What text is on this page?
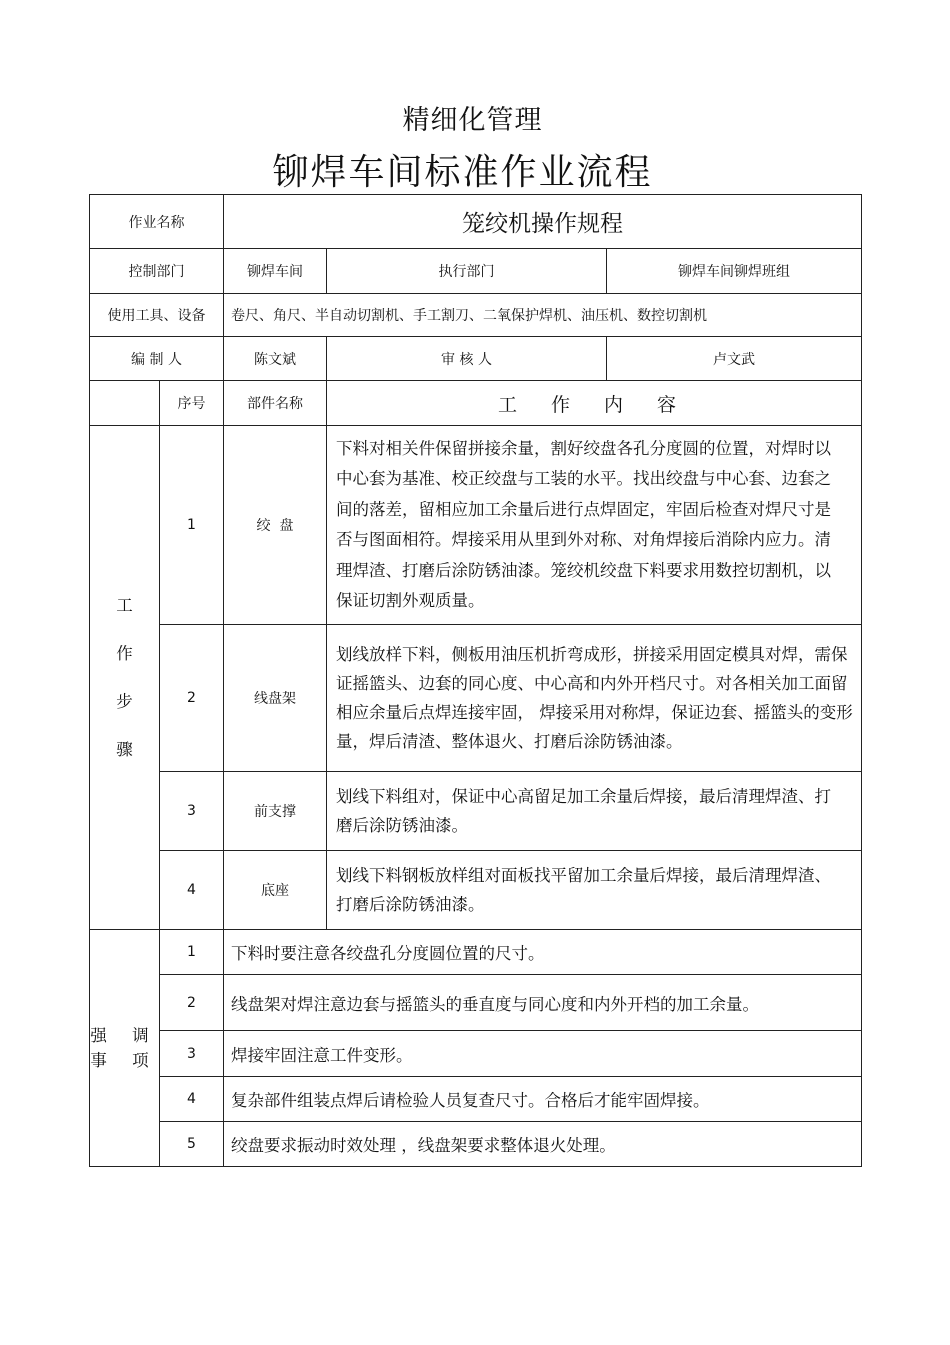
精细化管理
铆焊车间标准作业流程
作业名称		笼绞机操作规程		
控制部门		铆焊车间	执行部门	铆焊车间铆焊班组
使用工具、设备		卷尺、角尺、半自动切割机、手工割刀、二氧保护焊机、油压机、数控切割机		
编 制 人		陈文斌	审 核 人	卢文武
	序号	部件名称	工 作 内 容	

工
作
步
骤	1	绞  盘	下料对相关件保留拼接余量，割好绞盘各孔分度圆的位置，对焊时以中心套为基准、校正绞盘与工装的水平。找出绞盘与中心套、边套之间的落差，留相应加工余量后进行点焊固定，牢固后检查对焊尺寸是否与图面相符。焊接采用从里到外对称、对角焊接后消除内应力。清理焊渣、打磨后涂防锈油漆。笼绞机绞盘下料要求用数控切割机，以保证切割外观质量。	
	2	线盘架	划线放样下料，侧板用油压机折弯成形，拼接采用固定模具对焊，需保证摇篮头、边套的同心度、中心高和内外开档尺寸。对各相关加工面留相应余量后点焊连接牢固， 焊接采用对称焊，保证边套、摇篮头的变形量，焊后清渣、整体退火、打磨后涂防锈油漆。	
	3	前支撑	划线下料组对，保证中心高留足加工余量后焊接，最后清理焊渣、打磨后涂防锈油漆。	
	4	底座	划线下料钢板放样组对面板找平留加工余量后焊接，最后清理焊渣、打磨后涂防锈油漆。	
强 调 事 项	1	下料时要注意各绞盘孔分度圆位置的尺寸。		
	2	线盘架对焊注意边套与摇篮头的垂直度与同心度和内外开档的加工余量。		
	3	焊接牢固注意工件变形。		
	4	复杂部件组装点焊后请检验人员复查尺寸。合格后才能牢固焊接。		
	5	绞盘要求振动时效处理 ，线盘架要求整体退火处理。		
